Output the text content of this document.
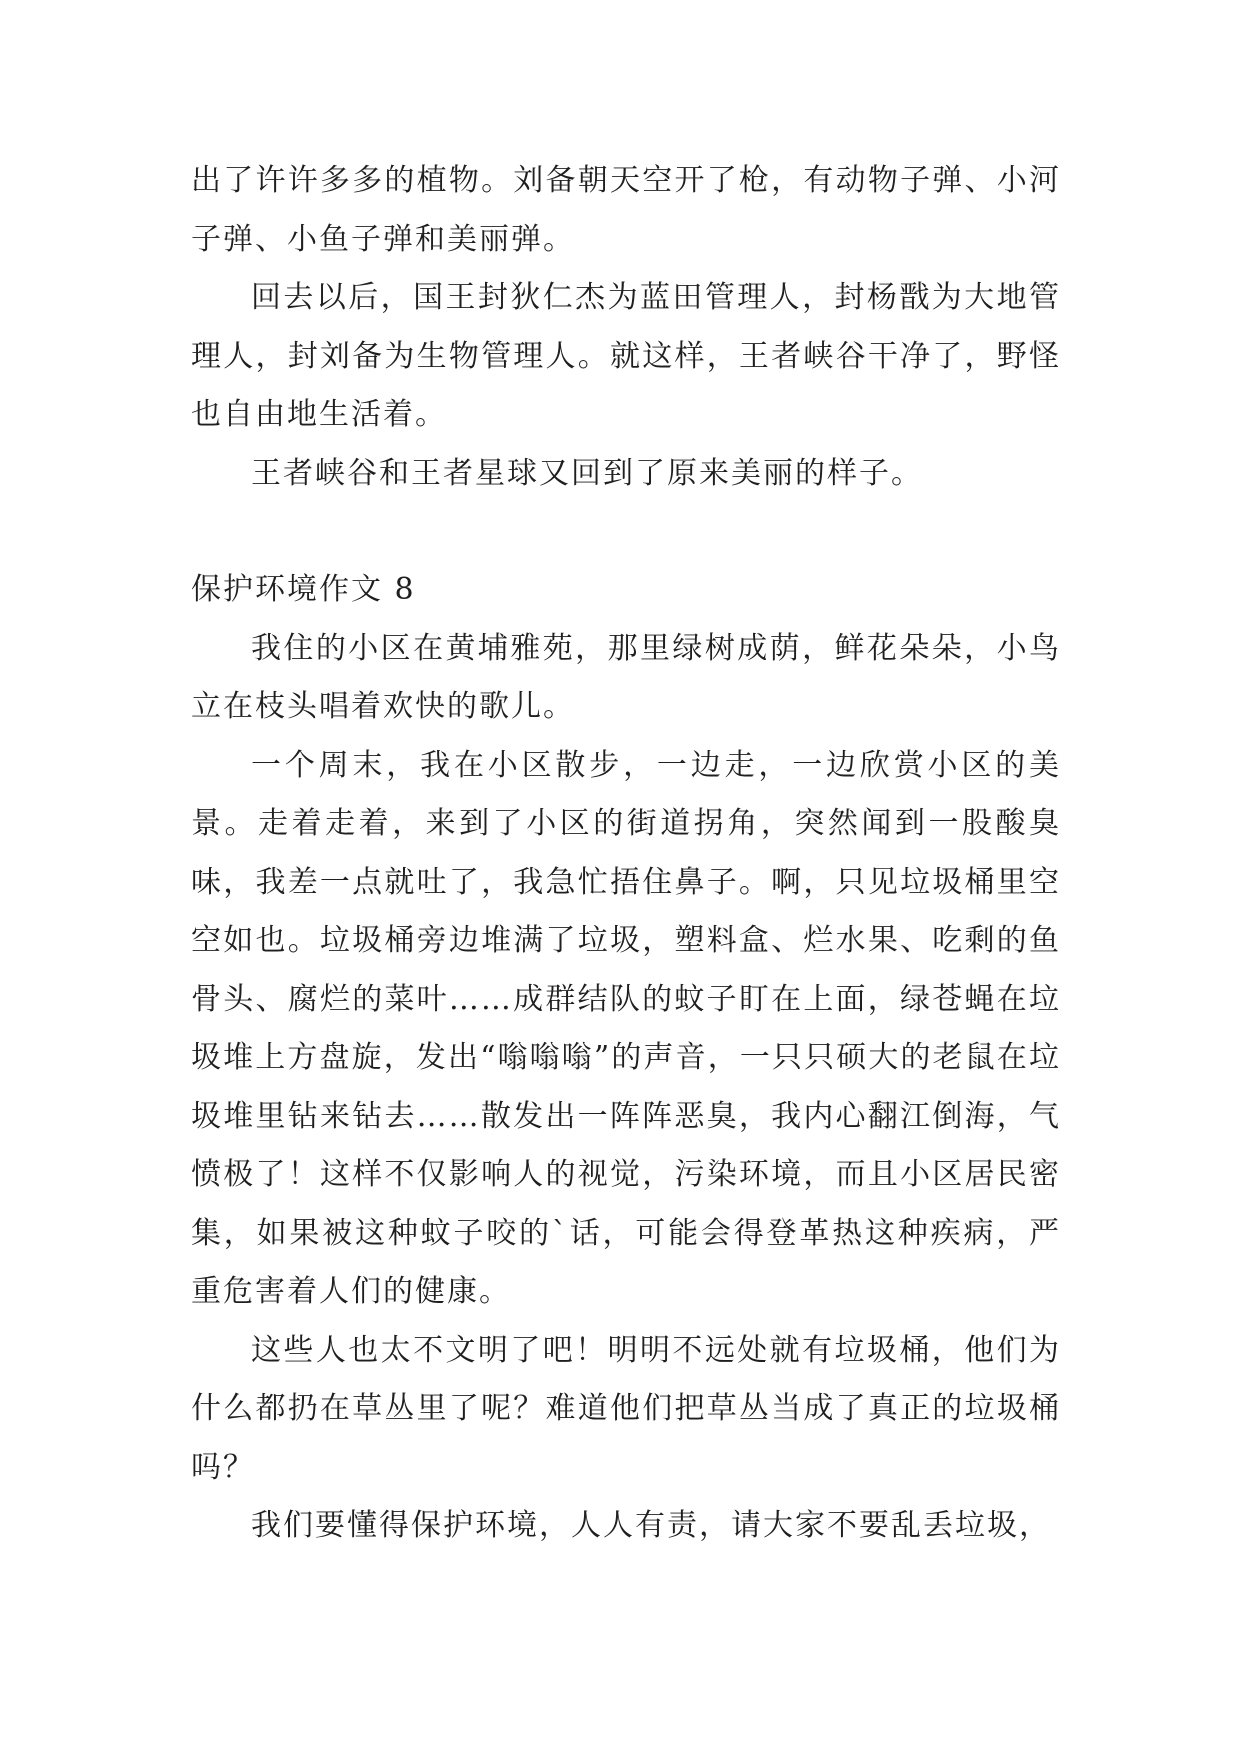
出了许许多多的植物。刘备朝天空开了枪，有动物子弹、小河子弹、小鱼子弹和美丽弹。

回去以后，国王封狄仁杰为蓝田管理人，封杨戬为大地管理人，封刘备为生物管理人。就这样，王者峡谷干净了，野怪也自由地生活着。

王者峡谷和王者星球又回到了原来美丽的样子。

保护环境作文 8

我住的小区在黄埔雅苑，那里绿树成荫，鲜花朵朵，小鸟立在枝头唱着欢快的歌儿。

一个周末，我在小区散步，一边走，一边欣赏小区的美景。走着走着，来到了小区的街道拐角，突然闻到一股酸臭味，我差一点就吐了，我急忙捂住鼻子。啊，只见垃圾桶里空空如也。垃圾桶旁边堆满了垃圾，塑料盒、烂水果、吃剩的鱼骨头、腐烂的菜叶……成群结队的蚊子盯在上面，绿苍蝇在垃圾堆上方盘旋，发出“嗡嗡嗡”的声音，一只只硕大的老鼠在垃圾堆里钻来钻去……散发出一阵阵恶臭，我内心翻江倒海，气愤极了！这样不仅影响人的视觉，污染环境，而且小区居民密集，如果被这种蚊子咬的`话，可能会得登革热这种疾病，严重危害着人们的健康。

这些人也太不文明了吧！明明不远处就有垃圾桶，他们为什么都扔在草丛里了呢？难道他们把草丛当成了真正的垃圾桶吗？

我们要懂得保护环境，人人有责，请大家不要乱丢垃圾，
